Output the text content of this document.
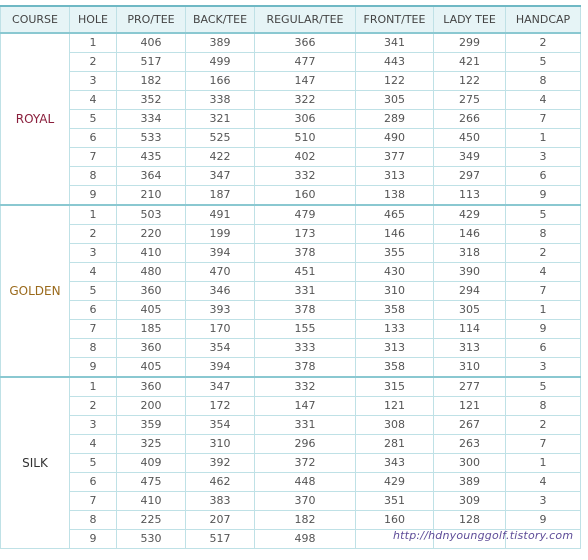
COURSE	HOLE	PRO/TEE	BACK/TEE	REGULAR/TEE	FRONT/TEE	LADY TEE	HANDCAP
ROYAL	1	406	389	366	341	299	2
	2	517	499	477	443	421	5
	3	182	166	147	122	122	8
	4	352	338	322	305	275	4
	5	334	321	306	289	266	7
	6	533	525	510	490	450	1
	7	435	422	402	377	349	3
	8	364	347	332	313	297	6
	9	210	187	160	138	113	9
GOLDEN	1	503	491	479	465	429	5
	2	220	199	173	146	146	8
	3	410	394	378	355	318	2
	4	480	470	451	430	390	4
	5	360	346	331	310	294	7
	6	405	393	378	358	305	1
	7	185	170	155	133	114	9
	8	360	354	333	313	313	6
	9	405	394	378	358	310	3
SILK	1	360	347	332	315	277	5
	2	200	172	147	121	121	8
	3	359	354	331	308	267	2
	4	325	310	296	281	263	7
	5	409	392	372	343	300	1
	6	475	462	448	429	389	4
	7	410	383	370	351	309	3
	8	225	207	182	160	128	9
	9	530	517	498				http://hdnyounggolf.tistory.com
